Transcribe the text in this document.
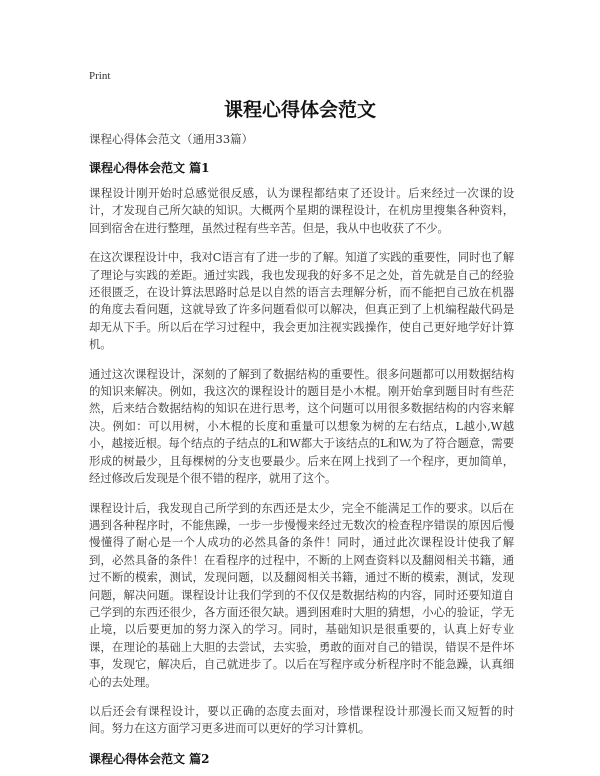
Print
课程心得体会范文
课程心得体会范文（通用33篇）
课程心得体会范文 篇1

课程设计刚开始时总感觉很反感，认为课程都结束了还设计。后来经过一次课的设计，才发现自己所欠缺的知识。大概两个星期的课程设计，在机房里搜集各种资料，回到宿舍在进行整理，虽然过程有些辛苦。但是，我从中也收获了不少。

在这次课程设计中，我对C语言有了进一步的了解。知道了实践的重要性，同时也了解了理论与实践的差距。通过实践，我也发现我的好多不足之处，首先就是自己的经验还很匮乏，在设计算法思路时总是以自然的语言去理解分析，而不能把自己放在机器的角度去看问题，这就导致了许多问题看似可以解决，但真正到了上机编程敲代码是却无从下手。所以后在学习过程中，我会更加注视实践操作，使自己更好地学好计算机。

通过这次课程设计，深刻的了解到了数据结构的重要性。很多问题都可以用数据结构的知识来解决。例如，我这次的课程设计的题目是小木棍。刚开始拿到题目时有些茫然，后来结合数据结构的知识在进行思考，这个问题可以用很多数据结构的内容来解决。例如：可以用树，小木棍的长度和重量可以想象为树的左右结点，L越小,W越小，越接近根。每个结点的子结点的L和W都大于该结点的L和W,为了符合题意，需要形成的树最少，且每棵树的分支也要最少。后来在网上找到了一个程序，更加简单，经过修改后发现是个很不错的程序，就用了这个。

课程设计后，我发现自己所学到的东西还是太少，完全不能满足工作的要求。以后在遇到各种程序时，不能焦躁，一步一步慢慢来经过无数次的检查程序错误的原因后慢慢懂得了耐心是一个人成功的必然具备的条件！同时，通过此次课程设计使我了解到，必然具备的条件！在看程序的过程中，不断的上网查资料以及翻阅相关书籍，通过不断的模索，测试，发现问题，以及翻阅相关书籍，通过不断的模索，测试，发现问题，解决问题。课程设计让我们学到的不仅仅是数据结构的内容，同时还要知道自己学到的东西还很少，各方面还很欠缺。遇到困难时大胆的猜想，小心的验证，学无止境，以后要更加的努力深入的学习。同时，基础知识是很重要的，认真上好专业课，在理论的基础上大胆的去尝试，去实验，勇敢的面对自己的错误，错误不是件坏事，发现它，解决后，自己就进步了。以后在写程序或分析程序时不能急躁，认真细心的去处理。

以后还会有课程设计，要以正确的态度去面对，珍惜课程设计那漫长而又短暂的时间。努力在这方面学习更多进而可以更好的学习计算机。

课程心得体会范文 篇2
